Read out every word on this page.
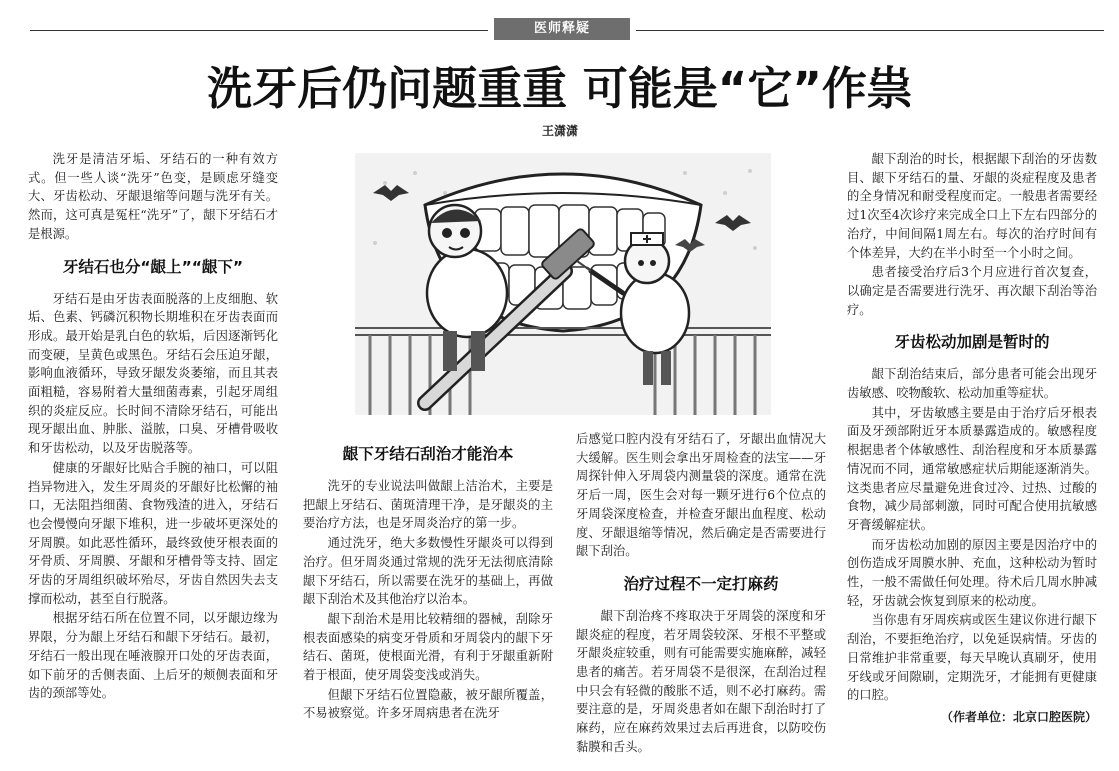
医师释疑
洗牙后仍问题重重 可能是“它”作祟
王潇潇

洗牙是清洁牙垢、牙结石的一种有效方式。但一些人谈“洗牙”色变，是顾虑牙缝变大、牙齿松动、牙龈退缩等问题与洗牙有关。然而，这可真是冤枉“洗牙”了，龈下牙结石才是根源。

牙结石也分“龈上”“龈下”

牙结石是由牙齿表面脱落的上皮细胞、软垢、色素、钙磷沉积物长期堆积在牙齿表面而形成。最开始是乳白色的软垢，后因逐渐钙化而变硬，呈黄色或黑色。牙结石会压迫牙龈，影响血液循环，导致牙龈发炎萎缩，而且其表面粗糙，容易附着大量细菌毒素，引起牙周组织的炎症反应。长时间不清除牙结石，可能出现牙龈出血、肿胀、溢脓，口臭、牙槽骨吸收和牙齿松动，以及牙齿脱落等。

健康的牙龈好比贴合手腕的袖口，可以阻挡异物进入，发生牙周炎的牙龈好比松懈的袖口，无法阻挡细菌、食物残渣的进入，牙结石也会慢慢向牙龈下堆积，进一步破坏更深处的牙周膜。如此恶性循环，最终致使牙根表面的牙骨质、牙周膜、牙龈和牙槽骨等支持、固定牙齿的牙周组织破坏殆尽，牙齿自然因失去支撑而松动，甚至自行脱落。

根据牙结石所在位置不同，以牙龈边缘为界限，分为龈上牙结石和龈下牙结石。最初，牙结石一般出现在唾液腺开口处的牙齿表面，如下前牙的舌侧表面、上后牙的颊侧表面和牙齿的颈部等处。

龈下牙结石刮治才能治本

洗牙的专业说法叫做龈上洁治术，主要是把龈上牙结石、菌斑清理干净，是牙龈炎的主要治疗方法，也是牙周炎治疗的第一步。

通过洗牙，绝大多数慢性牙龈炎可以得到治疗。但牙周炎通过常规的洗牙无法彻底清除龈下牙结石，所以需要在洗牙的基础上，再做龈下刮治术及其他治疗以治本。

龈下刮治术是用比较精细的器械，刮除牙根表面感染的病变牙骨质和牙周袋内的龈下牙结石、菌斑，使根面光滑，有利于牙龈重新附着于根面，使牙周袋变浅或消失。

但龈下牙结石位置隐蔽，被牙龈所覆盖，不易被察觉。许多牙周病患者在洗牙

后感觉口腔内没有牙结石了，牙龈出血情况大大缓解。医生则会拿出牙周检查的法宝——牙周探针伸入牙周袋内测量袋的深度。通常在洗牙后一周，医生会对每一颗牙进行6个位点的牙周袋深度检查，并检查牙龈出血程度、松动度、牙龈退缩等情况，然后确定是否需要进行龈下刮治。

治疗过程不一定打麻药

龈下刮治疼不疼取决于牙周袋的深度和牙龈炎症的程度，若牙周袋较深、牙根不平整或牙龈炎症较重，则有可能需要实施麻醉，减轻患者的痛苦。若牙周袋不是很深，在刮治过程中只会有轻微的酸胀不适，则不必打麻药。需要注意的是，牙周炎患者如在龈下刮治时打了麻药，应在麻药效果过去后再进食，以防咬伤黏膜和舌头。

龈下刮治的时长，根据龈下刮治的牙齿数目、龈下牙结石的量、牙龈的炎症程度及患者的全身情况和耐受程度而定。一般患者需要经过1次至4次诊疗来完成全口上下左右四部分的治疗，中间间隔1周左右。每次的治疗时间有个体差异，大约在半小时至一个小时之间。

患者接受治疗后3个月应进行首次复查，以确定是否需要进行洗牙、再次龈下刮治等治疗。

牙齿松动加剧是暂时的

龈下刮治结束后，部分患者可能会出现牙齿敏感、咬物酸软、松动加重等症状。

其中，牙齿敏感主要是由于治疗后牙根表面及牙颈部附近牙本质暴露造成的。敏感程度根据患者个体敏感性、刮治程度和牙本质暴露情况而不同，通常敏感症状后期能逐渐消失。这类患者应尽量避免进食过冷、过热、过酸的食物，减少局部刺激，同时可配合使用抗敏感牙膏缓解症状。

而牙齿松动加剧的原因主要是因治疗中的创伤造成牙周膜水肿、充血，这种松动为暂时性，一般不需做任何处理。待术后几周水肿减轻，牙齿就会恢复到原来的松动度。

当你患有牙周疾病或医生建议你进行龈下刮治，不要拒绝治疗，以免延误病情。牙齿的日常维护非常重要，每天早晚认真刷牙，使用牙线或牙间隙刷，定期洗牙，才能拥有更健康的口腔。

（作者单位：北京口腔医院）
